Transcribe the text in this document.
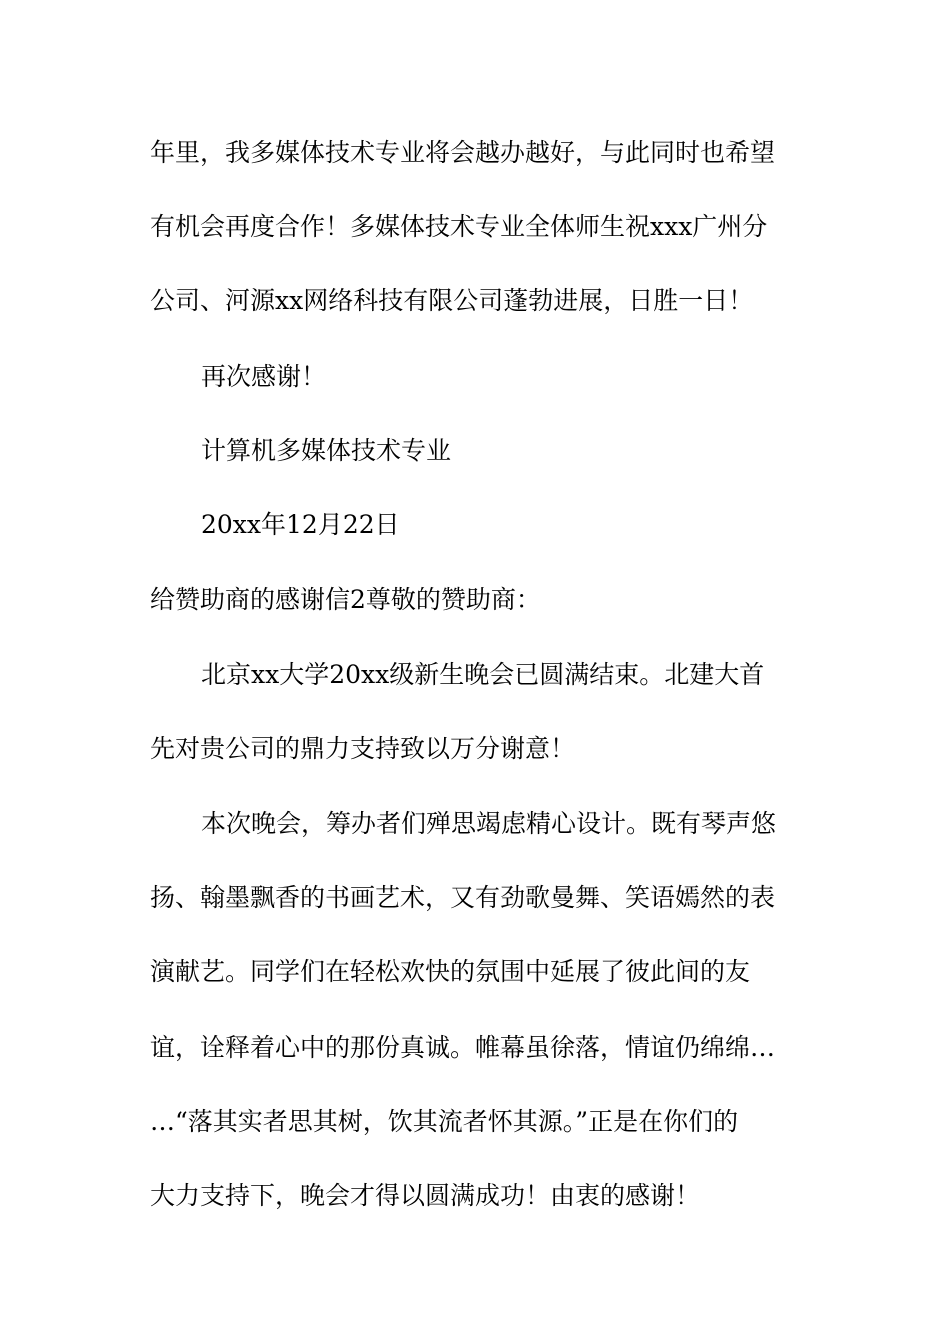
年里，我多媒体技术专业将会越办越好，与此同时也希望
有机会再度合作！多媒体技术专业全体师生祝xxx广州分
公司、河源xx网络科技有限公司蓬勃进展，日胜一日！
再次感谢！
计算机多媒体技术专业
20xx年12月22日
给赞助商的感谢信2尊敬的赞助商：
北京xx大学20xx级新生晚会已圆满结束。北建大首
先对贵公司的鼎力支持致以万分谢意！
本次晚会，筹办者们殚思竭虑精心设计。既有琴声悠
扬、翰墨飘香的书画艺术，又有劲歌曼舞、笑语嫣然的表
演献艺。同学们在轻松欢快的氛围中延展了彼此间的友
谊，诠释着心中的那份真诚。帷幕虽徐落，情谊仍绵绵…
…“落其实者思其树，饮其流者怀其源。”正是在你们的
大力支持下，晚会才得以圆满成功！由衷的感谢！
